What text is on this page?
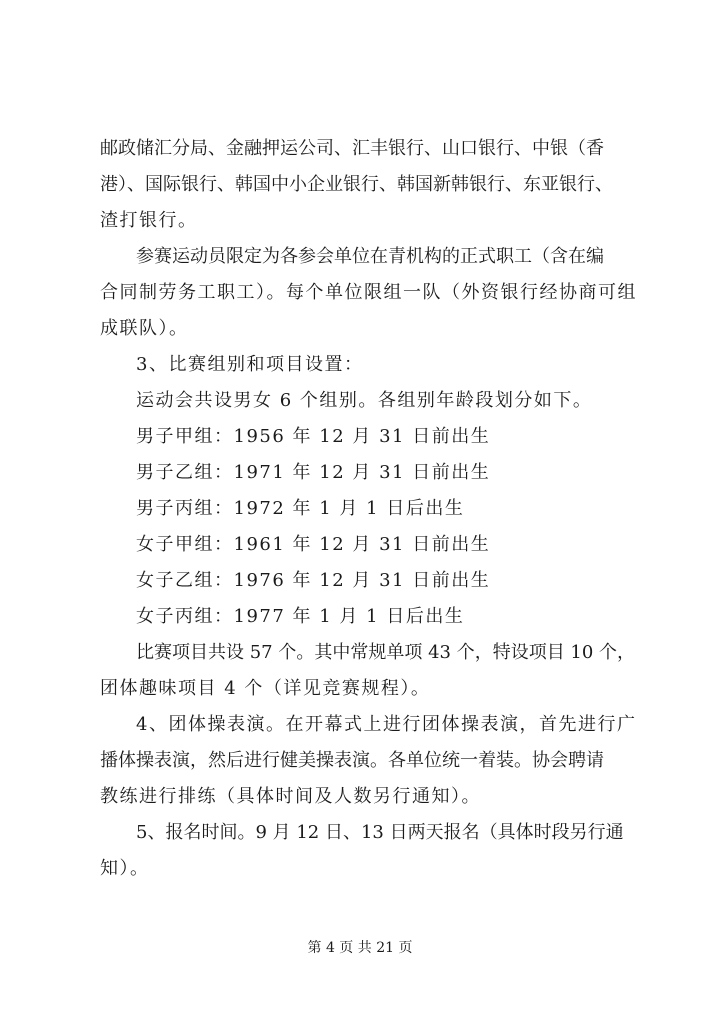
邮政储汇分局、金融押运公司、汇丰银行、山口银行、中银（香
港）、国际银行、韩国中小企业银行、韩国新韩银行、东亚银行、
渣打银行。
参赛运动员限定为各参会单位在青机构的正式职工（含在编
合同制劳务工职工）。每个单位限组一队（外资银行经协商可组
成联队）。
3、比赛组别和项目设置：
运动会共设男女 6 个组别。各组别年龄段划分如下。
男子甲组：1956 年 12 月 31 日前出生
男子乙组：1971 年 12 月 31 日前出生
男子丙组：1972 年 1 月 1 日后出生
女子甲组：1961 年 12 月 31 日前出生
女子乙组：1976 年 12 月 31 日前出生
女子丙组：1977 年 1 月 1 日后出生
比赛项目共设 57 个。其中常规单项 43 个，特设项目 10 个，
团体趣味项目 4 个（详见竞赛规程）。
4、团体操表演。在开幕式上进行团体操表演，首先进行广
播体操表演，然后进行健美操表演。各单位统一着装。协会聘请
教练进行排练（具体时间及人数另行通知）。
5、报名时间。9 月 12 日、13 日两天报名（具体时段另行通
知）。
第 4 页 共 21 页
